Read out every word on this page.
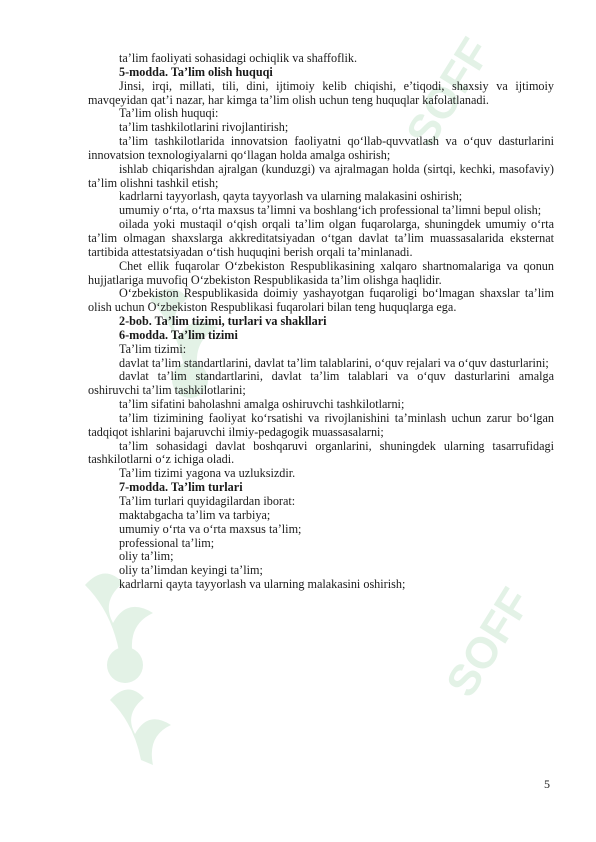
SOFF
SOFF

ta’lim faoliyati sohasidagi ochiqlik va shaffoflik.

5-modda. Ta’lim olish huquqi

Jinsi, irqi, millati, tili, dini, ijtimoiy kelib chiqishi, e’tiqodi, shaxsiy va ijtimoiy mavqeyidan qat’i nazar, har kimga ta’lim olish uchun teng huquqlar kafolatlanadi.

Ta’lim olish huquqi:

ta’lim tashkilotlarini rivojlantirish;

ta’lim tashkilotlarida innovatsion faoliyatni qo‘llab-quvvatlash va o‘quv dasturlarini innovatsion texnologiyalarni qo‘llagan holda amalga oshirish;

ishlab chiqarishdan ajralgan (kunduzgi) va ajralmagan holda (sirtqi, kechki, masofaviy) ta’lim olishni tashkil etish;

kadrlarni tayyorlash, qayta tayyorlash va ularning malakasini oshirish;

umumiy o‘rta, o‘rta maxsus ta’limni va boshlang‘ich professional ta’limni bepul olish;

oilada yoki mustaqil o‘qish orqali ta’lim olgan fuqarolarga, shuningdek umumiy o‘rta ta’lim olmagan shaxslarga akkreditatsiyadan o‘tgan davlat ta’lim muassasalarida eksternat tartibida attestatsiyadan o‘tish huquqini berish orqali ta’minlanadi.

Chet ellik fuqarolar O‘zbekiston Respublikasining xalqaro shartnomalariga va qonun hujjatlariga muvofiq O‘zbekiston Respublikasida ta’lim olishga haqlidir.

O‘zbekiston Respublikasida doimiy yashayotgan fuqaroligi bo‘lmagan shaxslar ta’lim olish uchun O‘zbekiston Respublikasi fuqarolari bilan teng huquqlarga ega.

2-bob. Ta’lim tizimi, turlari va shakllari

6-modda. Ta’lim tizimi

Ta’lim tizimi:

davlat ta’lim standartlarini, davlat ta’lim talablarini, o‘quv rejalari va o‘quv dasturlarini;

davlat ta’lim standartlarini, davlat ta’lim talablari va o‘quv dasturlarini amalga oshiruvchi ta’lim tashkilotlarini;

ta’lim sifatini baholashni amalga oshiruvchi tashkilotlarni;

ta’lim tizimining faoliyat ko‘rsatishi va rivojlanishini ta’minlash uchun zarur bo‘lgan tadqiqot ishlarini bajaruvchi ilmiy-pedagogik muassasalarni;

ta’lim sohasidagi davlat boshqaruvi organlarini, shuningdek ularning tasarrufidagi tashkilotlarni o‘z ichiga oladi.

Ta’lim tizimi yagona va uzluksizdir.

7-modda. Ta’lim turlari

Ta’lim turlari quyidagilardan iborat:

maktabgacha ta’lim va tarbiya;

umumiy o‘rta va o‘rta maxsus ta’lim;

professional ta’lim;

oliy ta’lim;

oliy ta’limdan keyingi ta’lim;

kadrlarni qayta tayyorlash va ularning malakasini oshirish;

5
